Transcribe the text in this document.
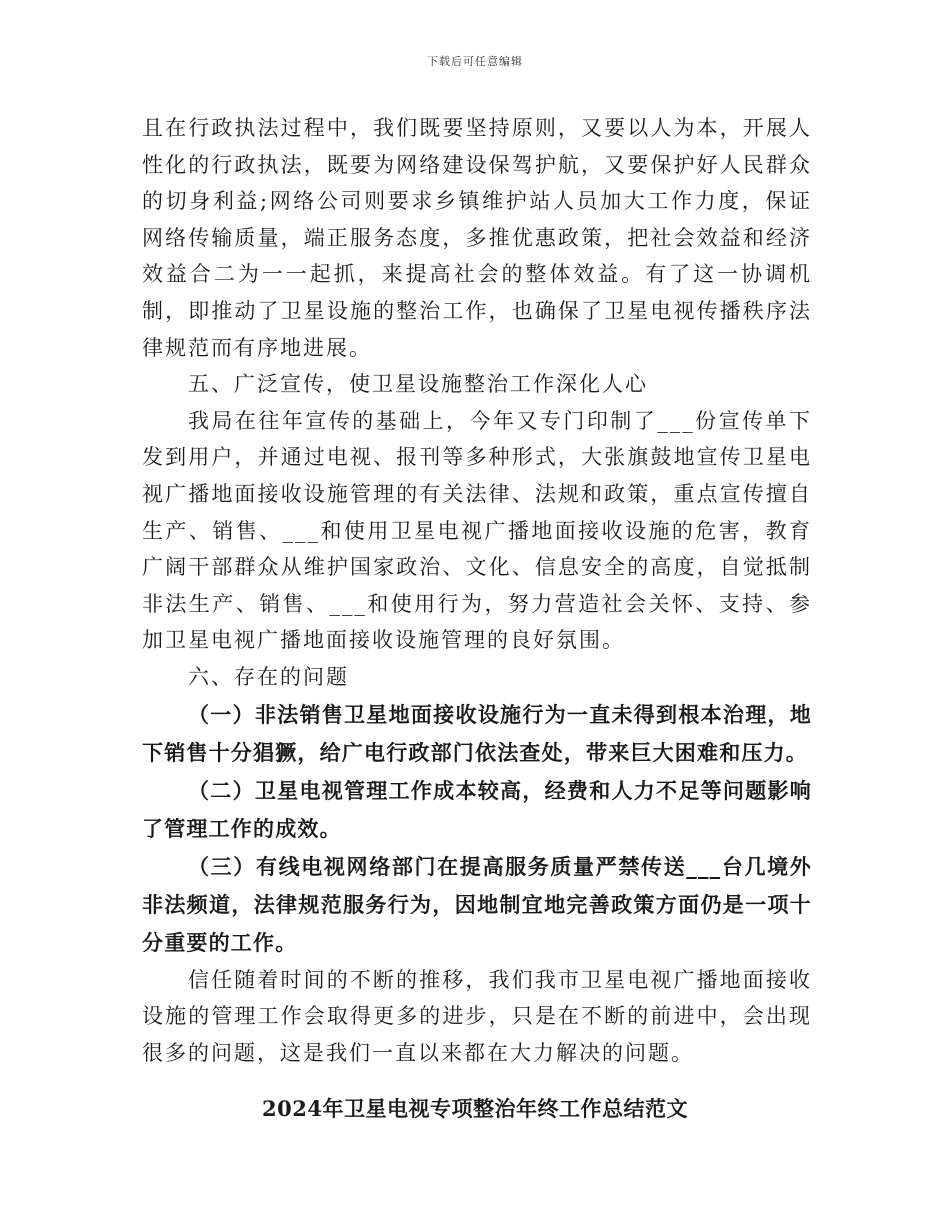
下载后可任意编辑

且在行政执法过程中，我们既要坚持原则，又要以人为本，开展人性化的行政执法，既要为网络建设保驾护航，又要保护好人民群众的切身利益;网络公司则要求乡镇维护站人员加大工作力度，保证网络传输质量，端正服务态度，多推优惠政策，把社会效益和经济效益合二为一一起抓，来提高社会的整体效益。有了这一协调机制，即推动了卫星设施的整治工作，也确保了卫星电视传播秩序法律规范而有序地进展。

五、广泛宣传，使卫星设施整治工作深化人心

我局在往年宣传的基础上，今年又专门印制了___份宣传单下发到用户，并通过电视、报刊等多种形式，大张旗鼓地宣传卫星电视广播地面接收设施管理的有关法律、法规和政策，重点宣传擅自生产、销售、___和使用卫星电视广播地面接收设施的危害，教育广阔干部群众从维护国家政治、文化、信息安全的高度，自觉抵制非法生产、销售、___和使用行为，努力营造社会关怀、支持、参加卫星电视广播地面接收设施管理的良好氛围。

六、存在的问题

（一）非法销售卫星地面接收设施行为一直未得到根本治理，地下销售十分猖獗，给广电行政部门依法查处，带来巨大困难和压力。

（二）卫星电视管理工作成本较高，经费和人力不足等问题影响了管理工作的成效。

（三）有线电视网络部门在提高服务质量严禁传送___台几境外非法频道，法律规范服务行为，因地制宜地完善政策方面仍是一项十分重要的工作。

信任随着时间的不断的推移，我们我市卫星电视广播地面接收设施的管理工作会取得更多的进步，只是在不断的前进中，会出现很多的问题，这是我们一直以来都在大力解决的问题。

2024年卫星电视专项整治年终工作总结范文
